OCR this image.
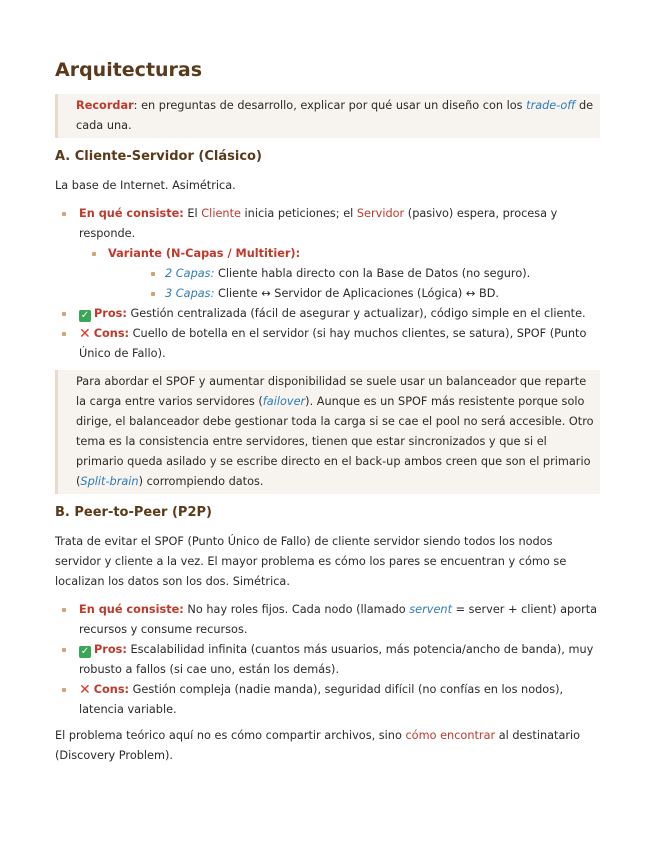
Arquitecturas
Recordar: en preguntas de desarrollo, explicar por qué usar un diseño con los trade-off de cada una.
A. Cliente-Servidor (Clásico)

La base de Internet. Asimétrica.

En qué consiste: El Cliente inicia peticiones; el Servidor (pasivo) espera, procesa y responde.
Variante (N-Capas / Multitier):
2 Capas: Cliente habla directo con la Base de Datos (no seguro).
3 Capas: Cliente ↔ Servidor de Aplicaciones (Lógica) ↔ BD.
✓ Pros: Gestión centralizada (fácil de asegurar y actualizar), código simple en el cliente.
✕ Cons: Cuello de botella en el servidor (si hay muchos clientes, se satura), SPOF (Punto Único de Fallo).
Para abordar el SPOF y aumentar disponibilidad se suele usar un balanceador que reparte la carga entre varios servidores (failover). Aunque es un SPOF más resistente porque solo dirige, el balanceador debe gestionar toda la carga si se cae el pool no será accesible. Otro tema es la consistencia entre servidores, tienen que estar sincronizados y que si el primario queda asilado y se escribe directo en el back-up ambos creen que son el primario (Split-brain) corrompiendo datos.
B. Peer-to-Peer (P2P)

Trata de evitar el SPOF (Punto Único de Fallo) de cliente servidor siendo todos los nodos servidor y cliente a la vez. El mayor problema es cómo los pares se encuentran y cómo se localizan los datos son los dos. Simétrica.

En qué consiste: No hay roles fijos. Cada nodo (llamado servent = server + client) aporta recursos y consume recursos.
✓ Pros: Escalabilidad infinita (cuantos más usuarios, más potencia/ancho de banda), muy robusto a fallos (si cae uno, están los demás).
✕ Cons: Gestión compleja (nadie manda), seguridad difícil (no confías en los nodos), latencia variable.

El problema teórico aquí no es cómo compartir archivos, sino cómo encontrar al destinatario (Discovery Problem).
